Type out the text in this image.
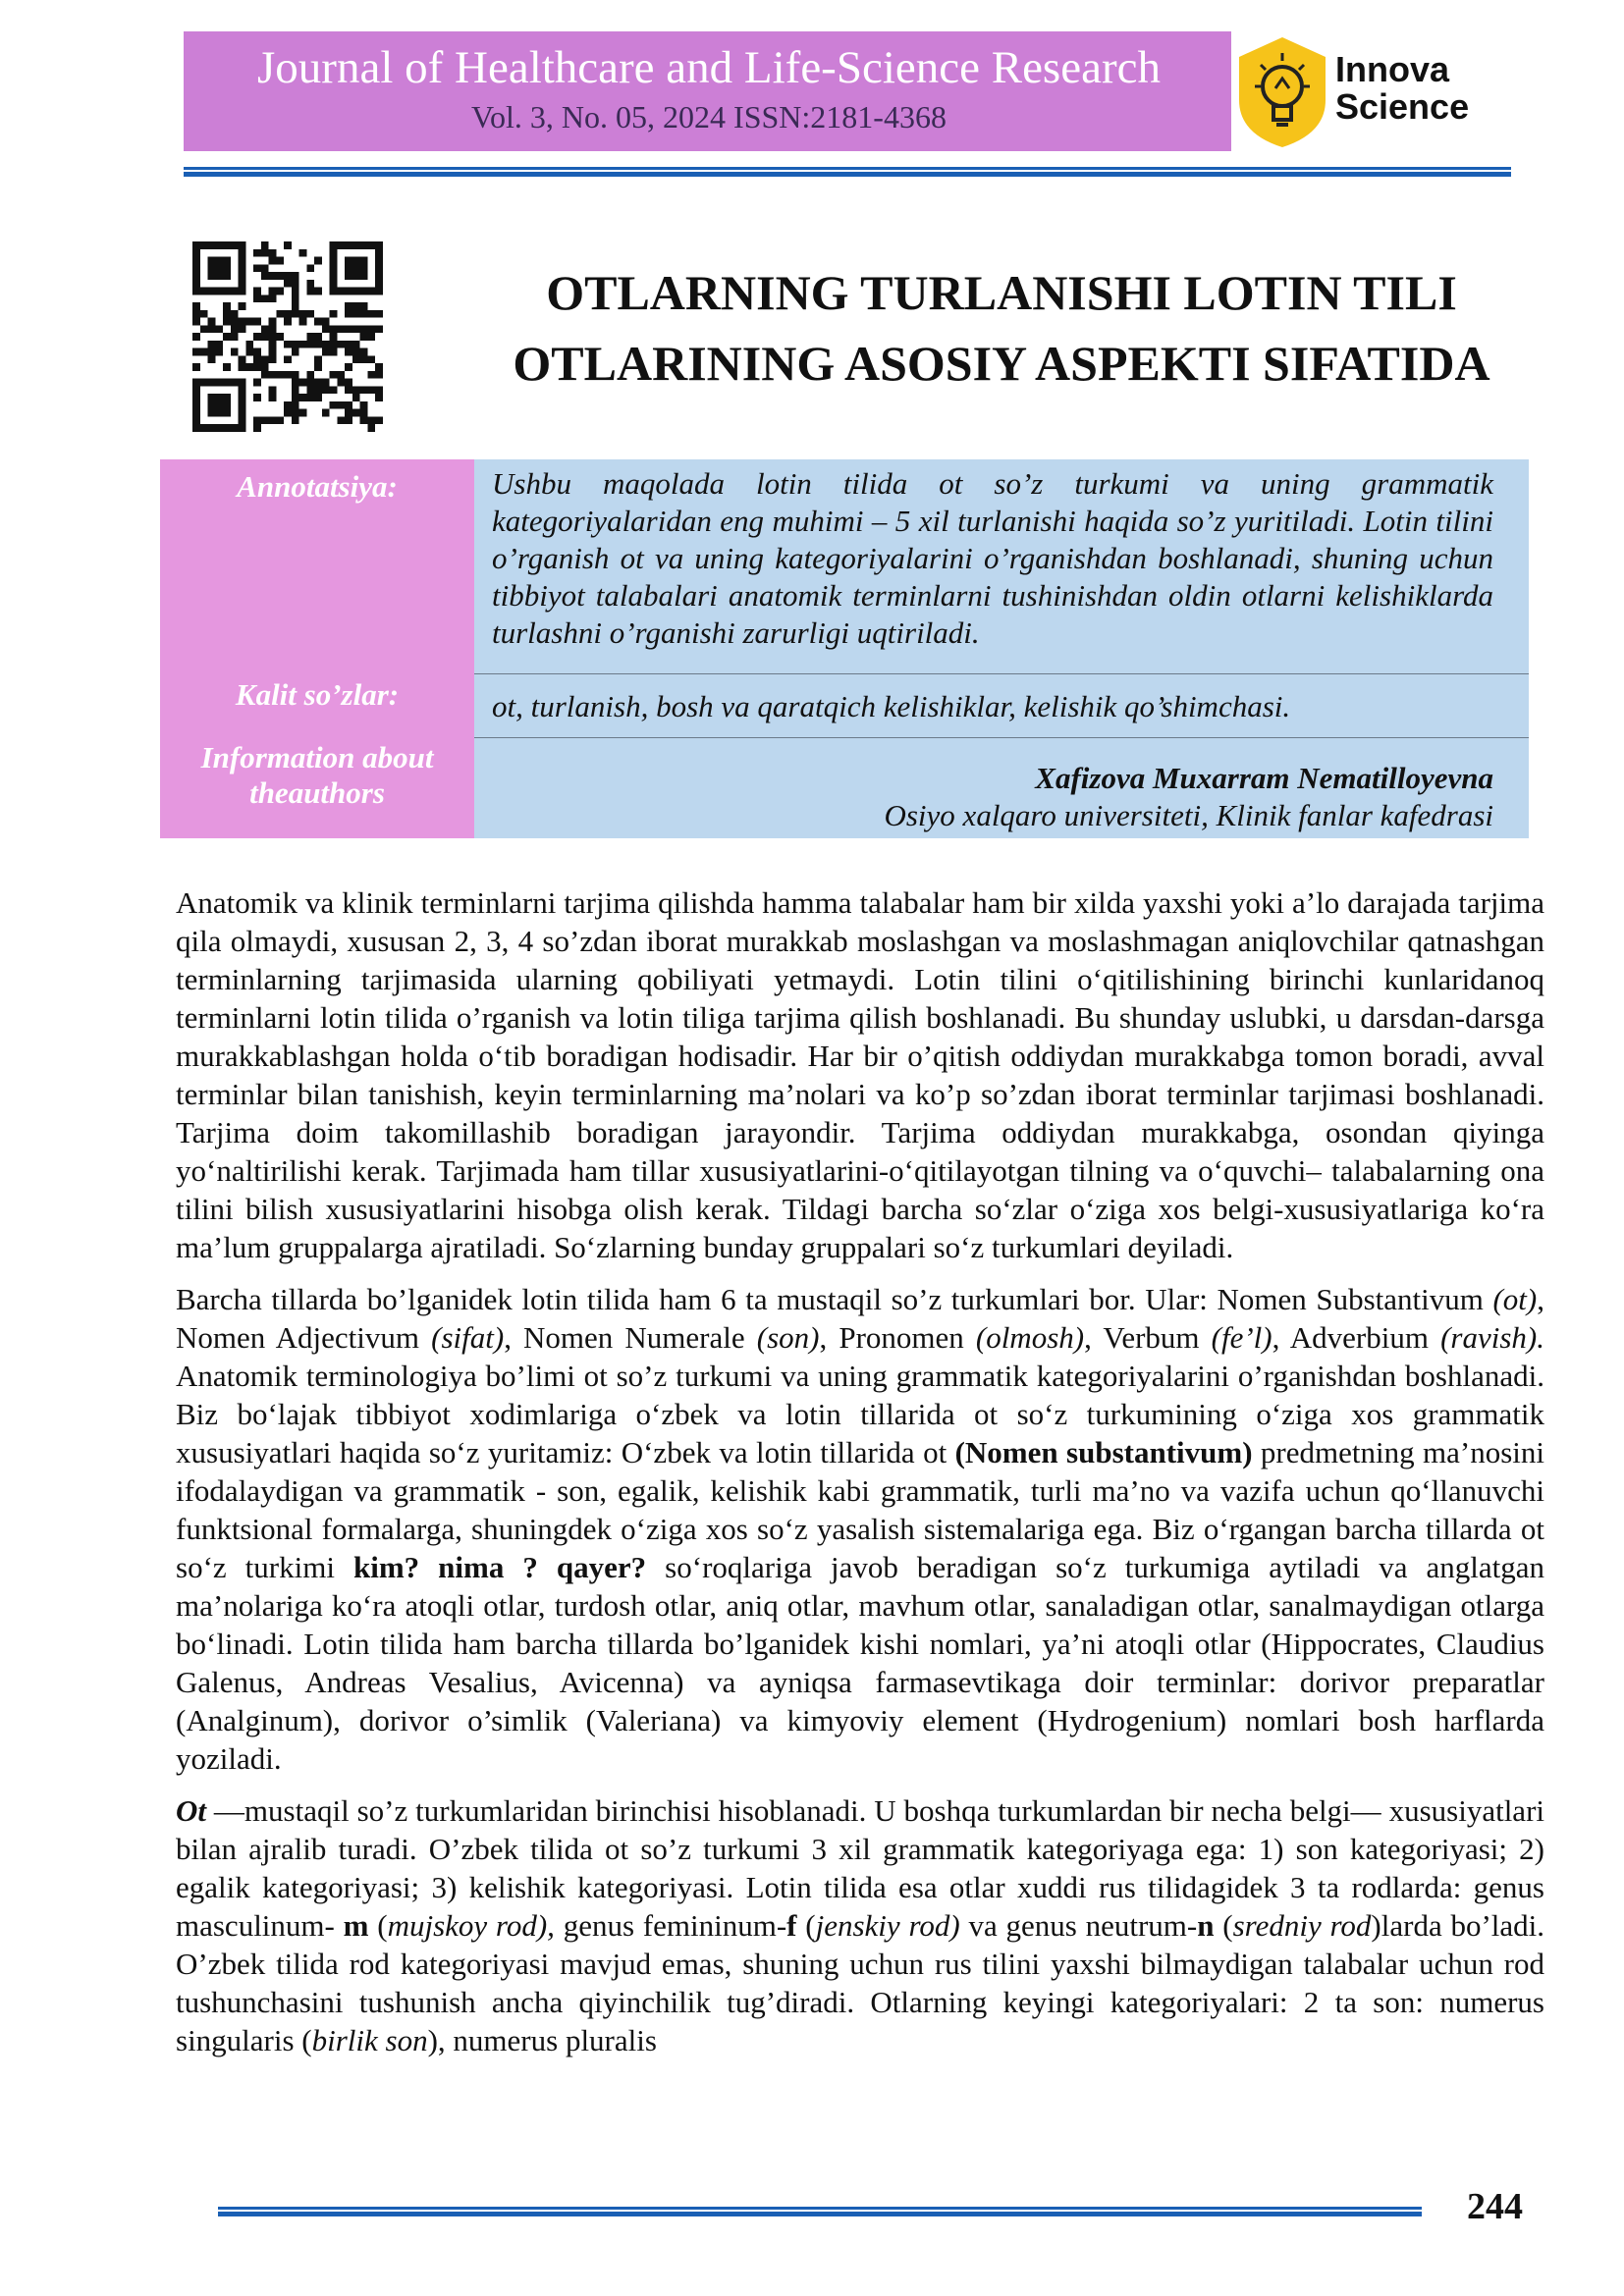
Journal of Healthcare and Life-Science Research
Vol. 3, No. 05, 2024 ISSN:2181-4368
Innova
Science
OTLARNING TURLANISHI LOTIN TILI
OTLARINING ASOSIY ASPEKTI SIFATIDA
Annotatsiya:
Kalit so’zlar:
Information about
theauthors
Ushbu maqolada lotin tilida ot so’z turkumi va uning grammatik kategoriyalaridan eng muhimi – 5 xil turlanishi haqida so’z yuritiladi. Lotin tilini o’rganish ot va uning kategoriyalarini o’rganishdan boshlanadi, shuning uchun tibbiyot talabalari anatomik terminlarni tushinishdan oldin otlarni kelishiklarda turlashni o’rganishi zarurligi uqtiriladi.
ot, turlanish, bosh va qaratqich kelishiklar, kelishik qo’shimchasi.
Xafizova Muxarram Nematilloyevna
Osiyo xalqaro universiteti, Klinik fanlar kafedrasi

Anatomik va klinik terminlarni tarjima qilishda hamma talabalar ham bir xilda yaxshi yoki a’lo darajada tarjima qila olmaydi, xususan 2, 3, 4 so’zdan iborat murakkab moslashgan va moslashmagan aniqlovchilar qatnashgan terminlarning tarjimasida ularning qobiliyati yetmaydi. Lotin tilini o‘qitilishining birinchi kunlaridanoq terminlarni lotin tilida o’rganish va lotin tiliga tarjima qilish boshlanadi. Bu shunday uslubki, u darsdan-darsga murakkablashgan holda o‘tib boradigan hodisadir. Har bir o’qitish oddiydan murakkabga tomon boradi, avval terminlar bilan tanishish, keyin terminlarning ma’nolari va ko’p so’zdan iborat terminlar tarjimasi boshlanadi. Tarjima doim takomillashib boradigan jarayondir. Tarjima oddiydan murakkabga, osondan qiyinga yo‘naltirilishi kerak. Tarjimada ham tillar xususiyatlarini-o‘qitilayotgan tilning va o‘quvchi– talabalarning ona tilini bilish xususiyatlarini hisobga olish kerak. Tildagi barcha so‘zlar o‘ziga xos belgi-xususiyatlariga ko‘ra ma’lum gruppalarga ajratiladi. So‘zlarning bunday gruppalari so‘z turkumlari deyiladi.

Barcha tillarda bo’lganidek lotin tilida ham 6 ta mustaqil so’z turkumlari bor. Ular: Nomen Substantivum (ot), Nomen Adjectivum (sifat), Nomen Numerale (son), Pronomen (olmosh), Verbum (fe’l), Adverbium (ravish). Anatomik terminologiya bo’limi ot so’z turkumi va uning grammatik kategoriyalarini o’rganishdan boshlanadi. Biz bo‘lajak tibbiyot xodimlariga o‘zbek va lotin tillarida ot so‘z turkumining o‘ziga xos grammatik xususiyatlari haqida so‘z yuritamiz: O‘zbek va lotin tillarida ot (Nomen substantivum) predmetning ma’nosini ifodalaydigan va grammatik - son, egalik, kelishik kabi grammatik, turli ma’no va vazifa uchun qo‘llanuvchi funktsional formalarga, shuningdek o‘ziga xos so‘z yasalish sistemalariga ega. Biz o‘rgangan barcha tillarda ot so‘z turkimi kim? nima ? qayer? so‘roqlariga javob beradigan so‘z turkumiga aytiladi va anglatgan ma’nolariga ko‘ra atoqli otlar, turdosh otlar, aniq otlar, mavhum otlar, sanaladigan otlar, sanalmaydigan otlarga bo‘linadi. Lotin tilida ham barcha tillarda bo’lganidek kishi nomlari, ya’ni atoqli otlar (Hippocrates, Claudius Galenus, Andreas Vesalius, Avicenna) va ayniqsa farmasevtikaga doir terminlar: dorivor preparatlar (Analginum), dorivor o’simlik (Valeriana) va kimyoviy element (Hydrogenium) nomlari bosh harflarda yoziladi.

Ot —mustaqil so’z turkumlaridan birinchisi hisoblanadi. U boshqa turkumlardan bir necha belgi— xususiyatlari bilan ajralib turadi. O’zbek tilida ot so’z turkumi 3 xil grammatik kategoriyaga ega: 1) son kategoriyasi; 2) egalik kategoriyasi; 3) kelishik kategoriyasi. Lotin tilida esa otlar xuddi rus tilidagidek 3 ta rodlarda: genus masculinum- m (mujskoy rod), genus femininum-f (jenskiy rod) va genus neutrum-n (sredniy rod)larda bo’ladi. O’zbek tilida rod kategoriyasi mavjud emas, shuning uchun rus tilini yaxshi bilmaydigan talabalar uchun rod tushunchasini tushunish ancha qiyinchilik tug’diradi. Otlarning keyingi kategoriyalari: 2 ta son: numerus singularis (birlik son), numerus pluralis

244
